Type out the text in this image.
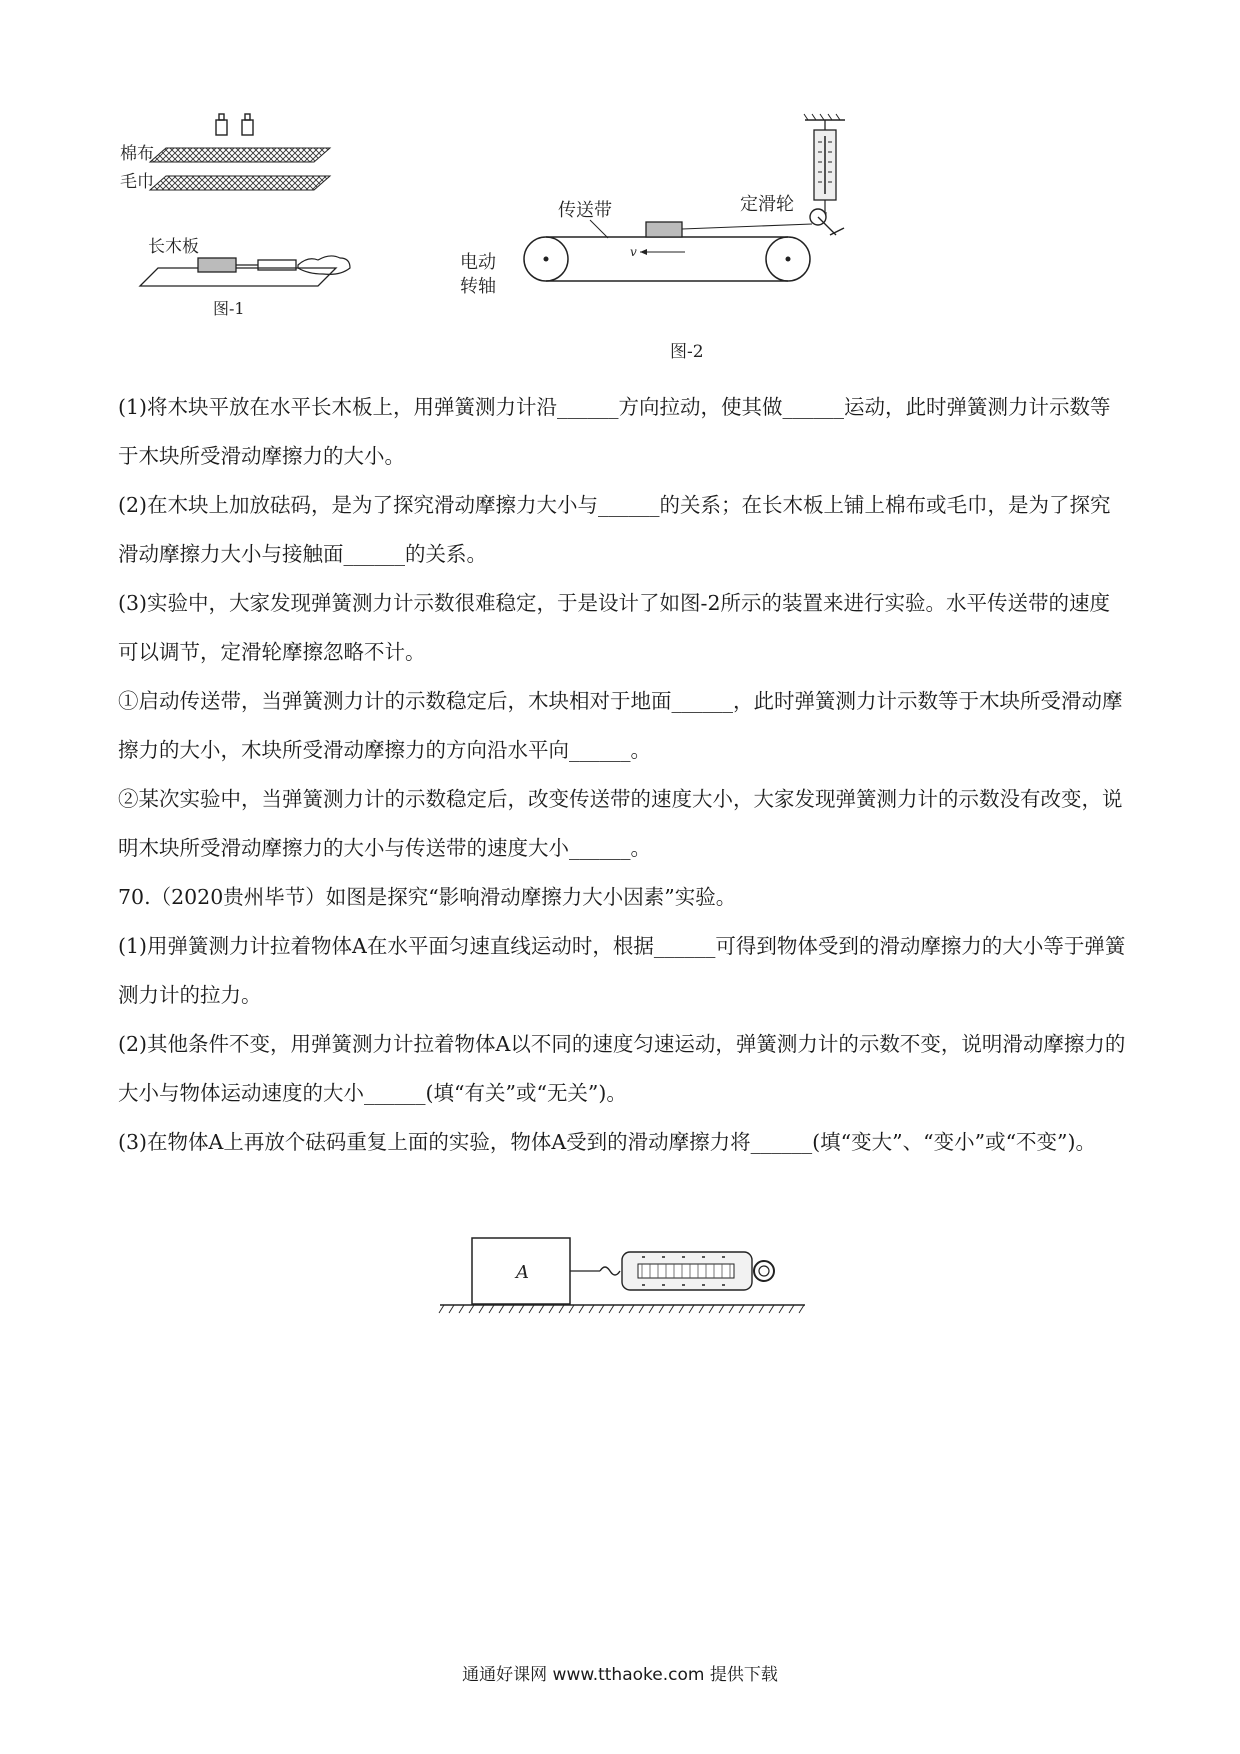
棉布
毛巾
长木板
图-1
定滑轮
传送带
v
电动
转轴
图-2

(1)将木块平放在水平长木板上，用弹簧测力计沿______方向拉动，使其做______运动，此时弹簧测力计示数等于木块所受滑动摩擦力的大小。

(2)在木块上加放砝码，是为了探究滑动摩擦力大小与______的关系；在长木板上铺上棉布或毛巾，是为了探究滑动摩擦力大小与接触面______的关系。

(3)实验中，大家发现弹簧测力计示数很难稳定，于是设计了如图-2所示的装置来进行实验。水平传送带的速度可以调节，定滑轮摩擦忽略不计。

①启动传送带，当弹簧测力计的示数稳定后，木块相对于地面______，此时弹簧测力计示数等于木块所受滑动摩擦力的大小，木块所受滑动摩擦力的方向沿水平向______。

②某次实验中，当弹簧测力计的示数稳定后，改变传送带的速度大小，大家发现弹簧测力计的示数没有改变，说明木块所受滑动摩擦力的大小与传送带的速度大小______。

70.（2020贵州毕节）如图是探究“影响滑动摩擦力大小因素”实验。

(1)用弹簧测力计拉着物体A在水平面匀速直线运动时，根据______可得到物体受到的滑动摩擦力的大小等于弹簧测力计的拉力。

(2)其他条件不变，用弹簧测力计拉着物体A以不同的速度匀速运动，弹簧测力计的示数不变，说明滑动摩擦力的大小与物体运动速度的大小______(填“有关”或“无关”)。

(3)在物体A上再放个砝码重复上面的实验，物体A受到的滑动摩擦力将______(填“变大”、“变小”或“不变”)。

A
通通好课网 www.tthaoke.com 提供下载
